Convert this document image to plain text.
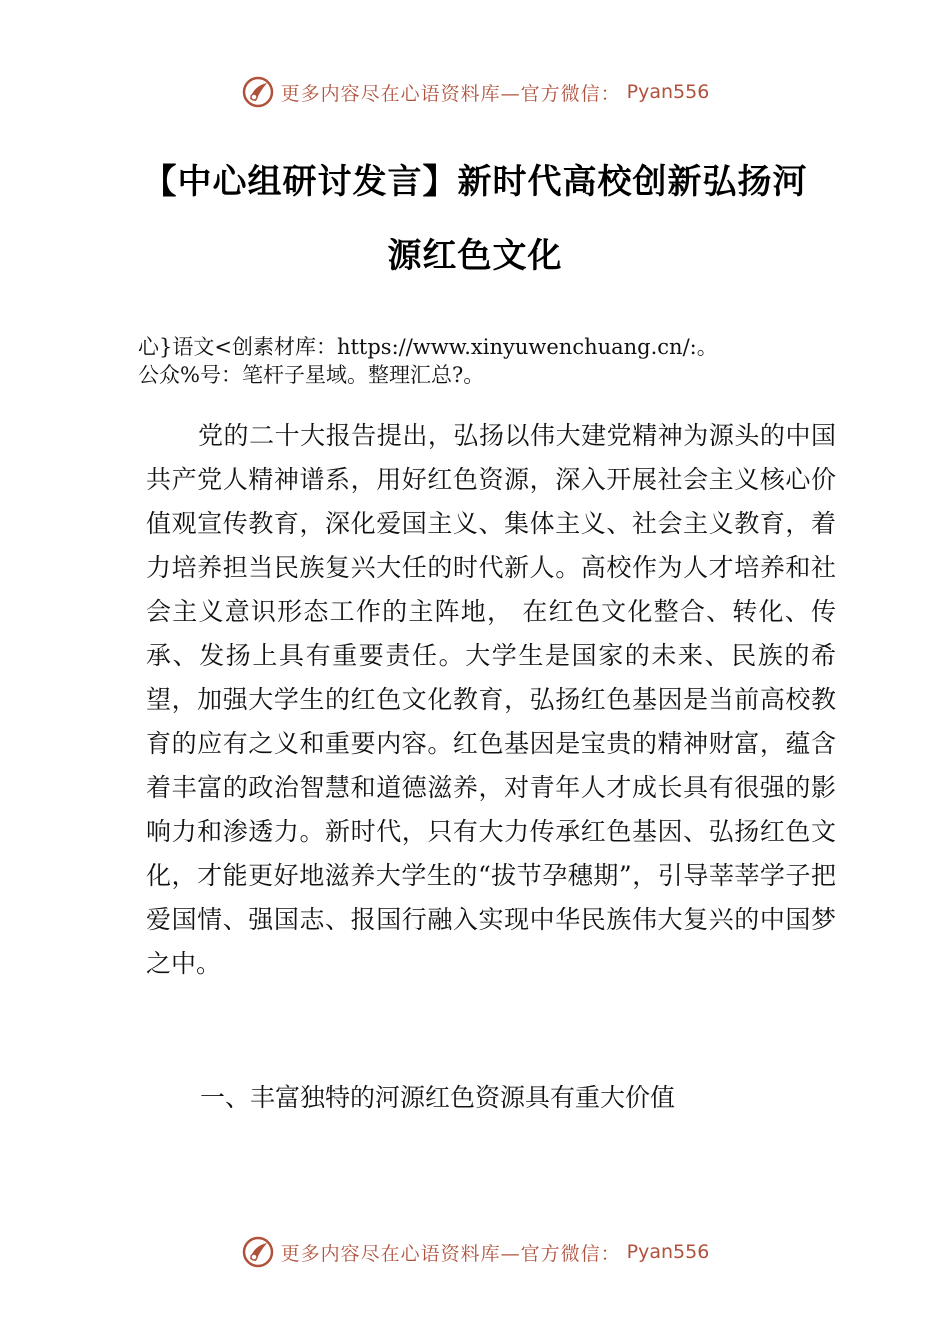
更多内容尽在心语资料库—官方微信： Pyan556
【中心组研讨发言】新时代高校创新弘扬河
源红色文化
心}语文<创素材库：https://www.xinyuwenchuang.cn/:。
公众%号：笔杆子星域。整理汇总?。

党的二十大报告提出，弘扬以伟大建党精神为源头的中国共产党人精神谱系，用好红色资源，深入开展社会主义核心价值观宣传教育，深化爱国主义、集体主义、社会主义教育，着力培养担当民族复兴大任的时代新人。高校作为人才培养和社会主义意识形态工作的主阵地， 在红色文化整合、转化、传承、发扬上具有重要责任。大学生是国家的未来、民族的希望，加强大学生的红色文化教育，弘扬红色基因是当前高校教育的应有之义和重要内容。红色基因是宝贵的精神财富，蕴含着丰富的政治智慧和道德滋养，对青年人才成长具有很强的影响力和渗透力。新时代，只有大力传承红色基因、弘扬红色文化，才能更好地滋养大学生的“拔节孕穗期”，引导莘莘学子把爱国情、强国志、报国行融入实现中华民族伟大复兴的中国梦之中。

一、丰富独特的河源红色资源具有重大价值
更多内容尽在心语资料库—官方微信： Pyan556
